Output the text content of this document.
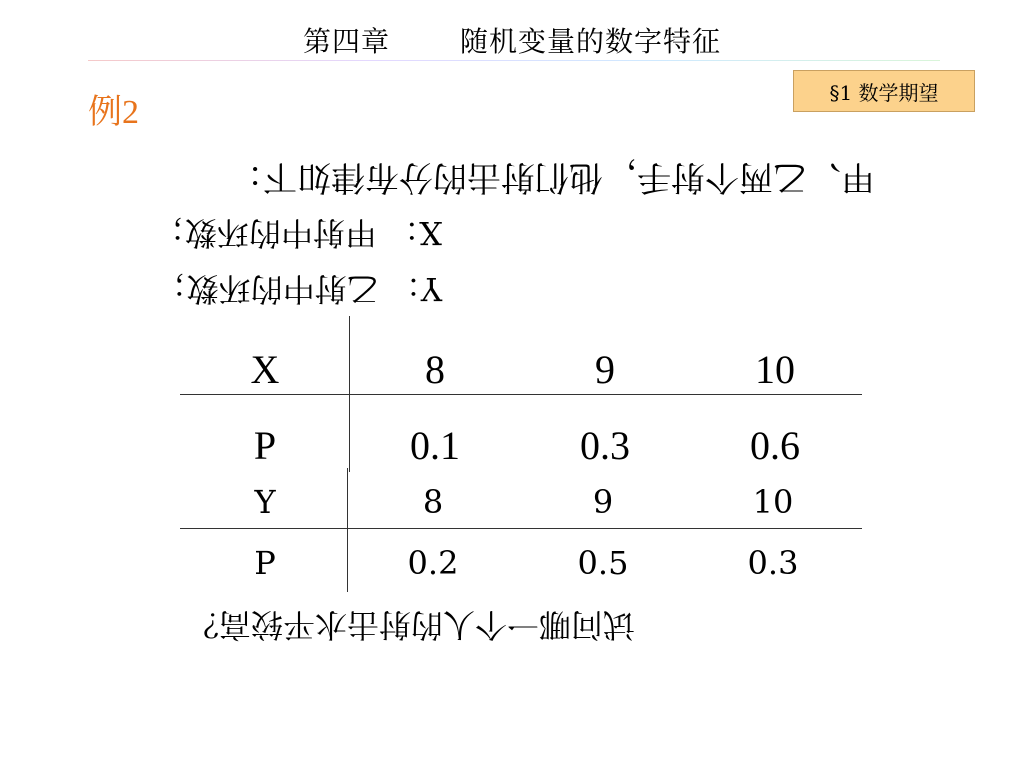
第四章	随机变量的数字特征
例2
§1 数学期望
甲、乙两个射手，他们射击的分布律如下：
X： 甲射中的环数；
Y： 乙射中的环数；
X	8	9	10
P	0.1	0.3	0.6
Y	8	9	10
P	0.2	0.5	0.3
试问哪一个人的射击水平较高？
